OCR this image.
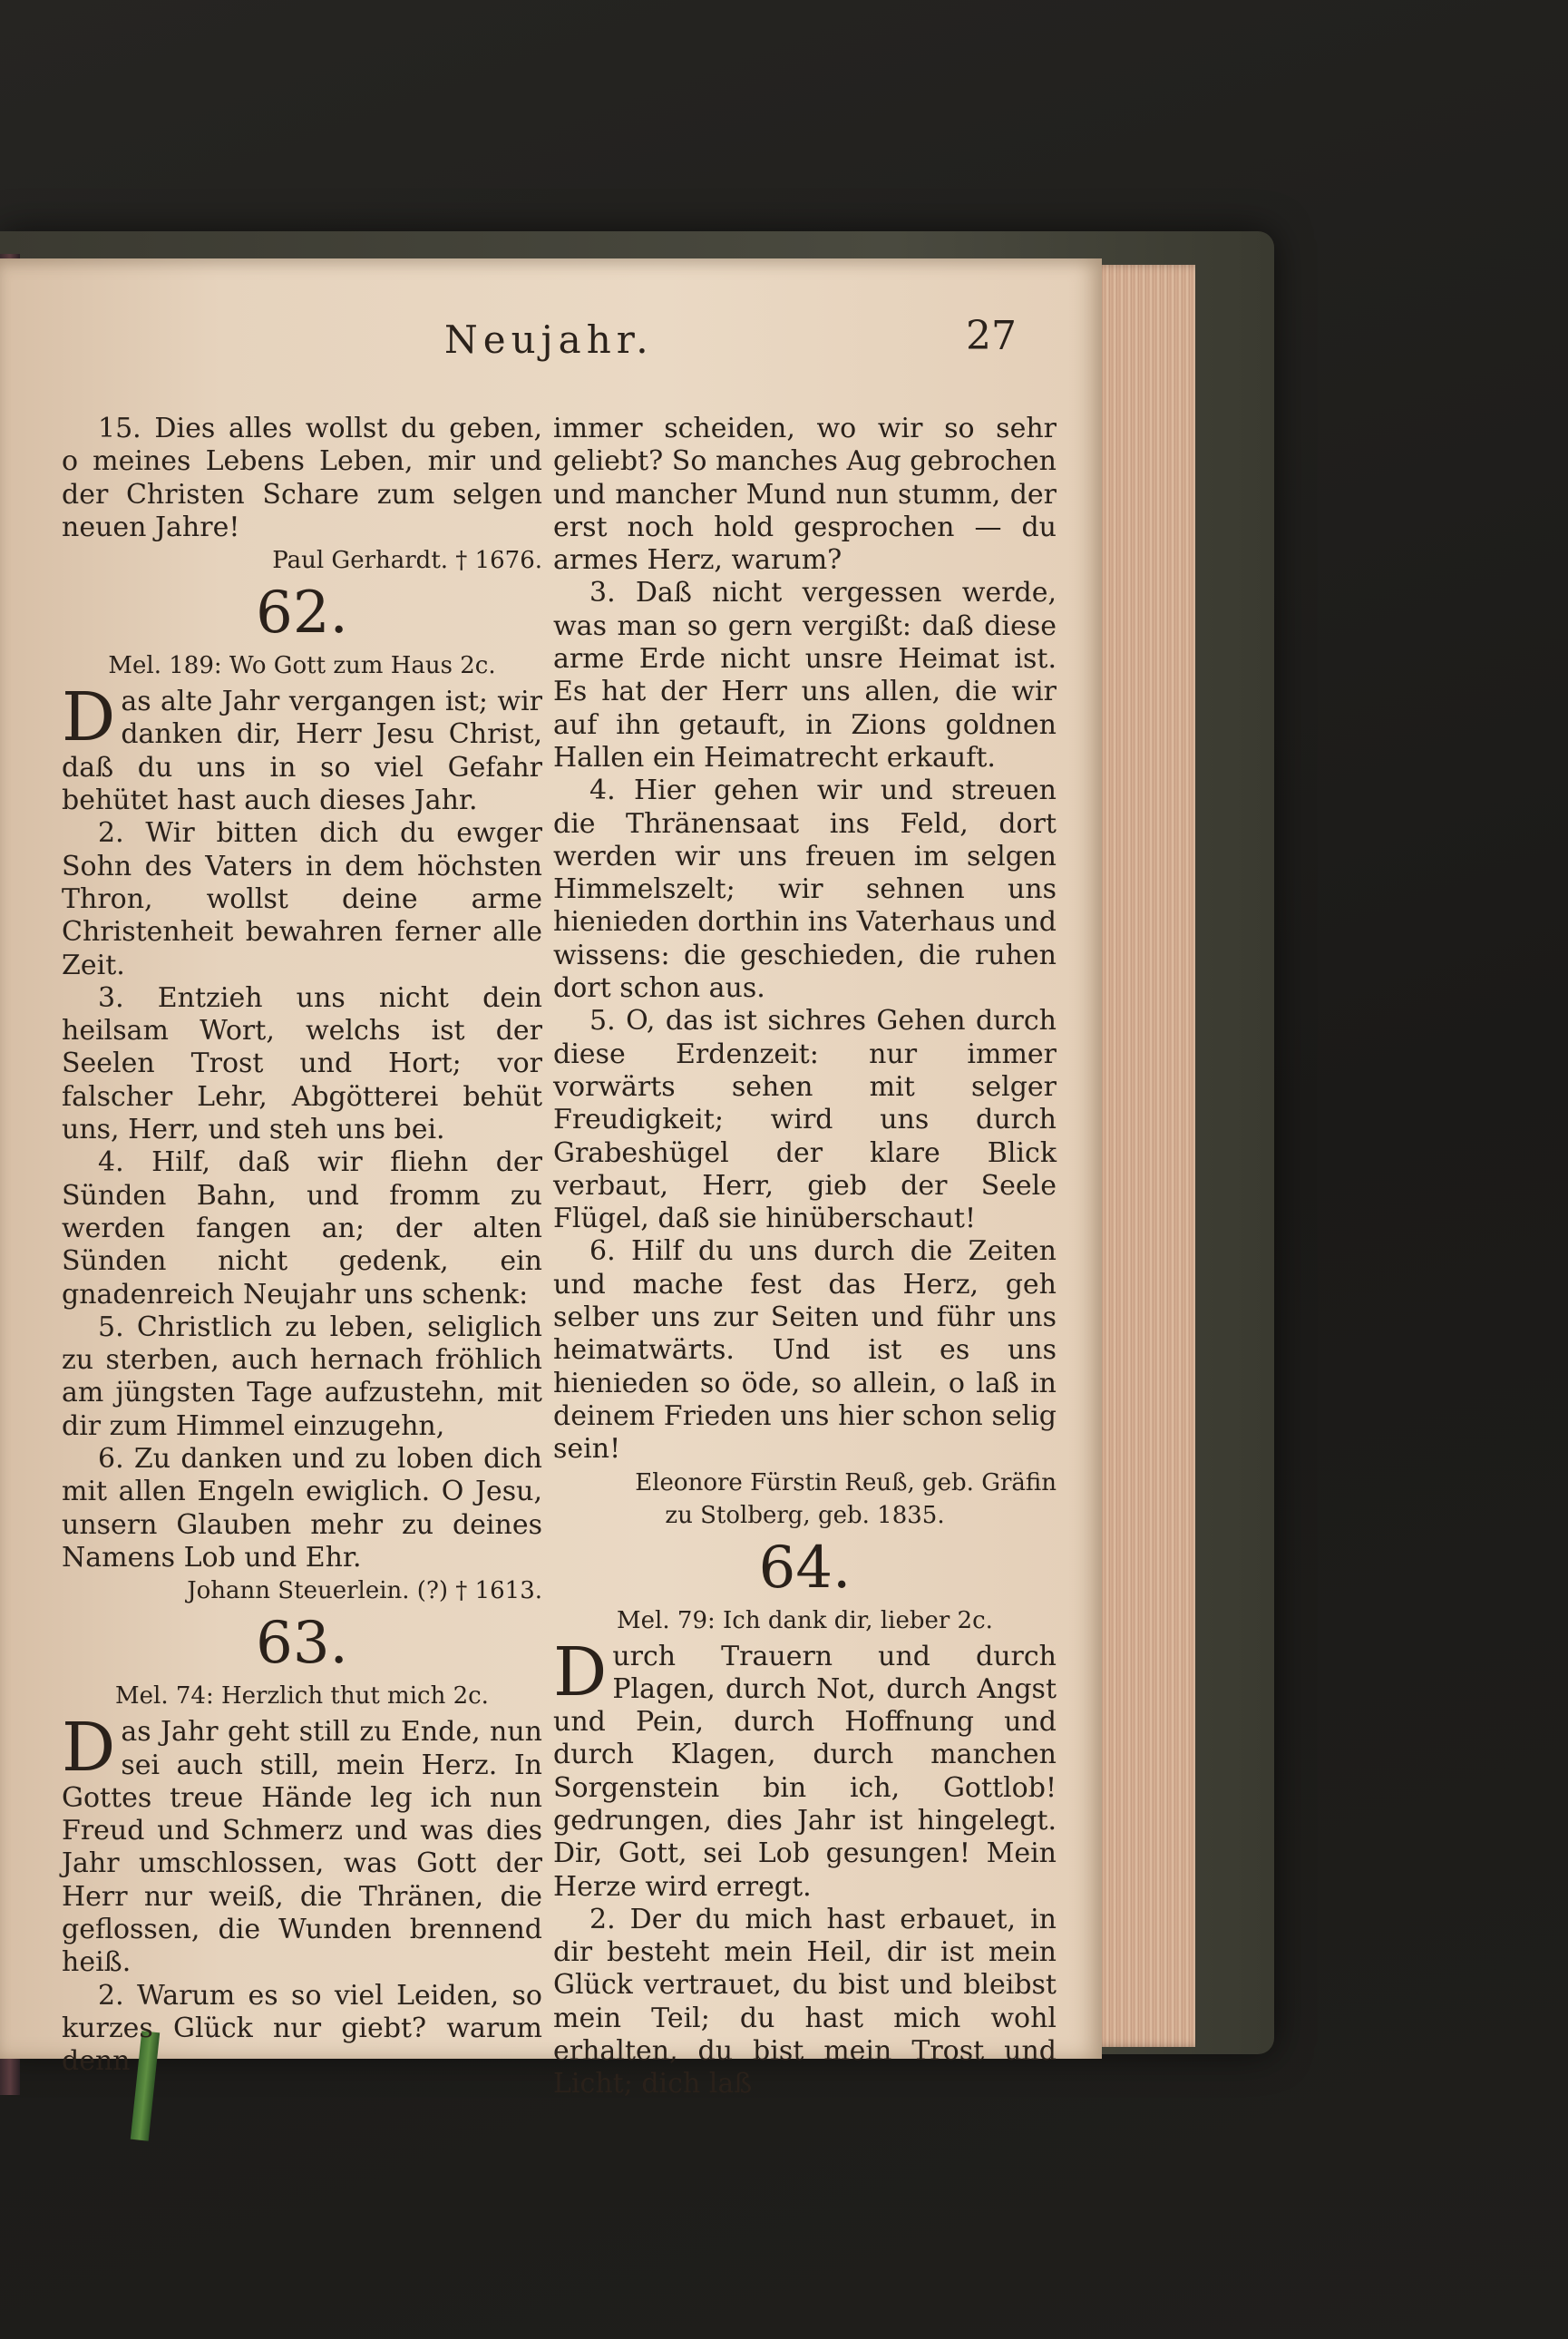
Neujahr.	27

15. Dies alles wollst du geben, o meines Lebens Leben, mir und der Christen Schare zum selgen neuen Jahre!

Paul Gerhardt. † 1676.

62.

Mel. 189: Wo Gott zum Haus 2c.

Das alte Jahr vergangen ist; wir danken dir, Herr Jesu Christ, daß du uns in so viel Gefahr behütet hast auch dieses Jahr.

2. Wir bitten dich du ewger Sohn des Vaters in dem höchsten Thron, wollst deine arme Christenheit bewahren ferner alle Zeit.

3. Entzieh uns nicht dein heilsam Wort, welchs ist der Seelen Trost und Hort; vor falscher Lehr, Abgötterei behüt uns, Herr, und steh uns bei.

4. Hilf, daß wir fliehn der Sünden Bahn, und fromm zu werden fangen an; der alten Sünden nicht gedenk, ein gnadenreich Neujahr uns schenk:

5. Christlich zu leben, seliglich zu sterben, auch hernach fröhlich am jüngsten Tage aufzustehn, mit dir zum Himmel einzugehn,

6. Zu danken und zu loben dich mit allen Engeln ewiglich. O Jesu, unsern Glauben mehr zu deines Namens Lob und Ehr.

Johann Steuerlein. (?) † 1613.

63.

Mel. 74: Herzlich thut mich 2c.

Das Jahr geht still zu Ende, nun sei auch still, mein Herz. In Gottes treue Hände leg ich nun Freud und Schmerz und was dies Jahr umschlossen, was Gott der Herr nur weiß, die Thränen, die geflossen, die Wunden brennend heiß.

2. Warum es so viel Leiden, so kurzes Glück nur giebt? warum denn

immer scheiden, wo wir so sehr geliebt? So manches Aug gebrochen und mancher Mund nun stumm, der erst noch hold gesprochen — du armes Herz, warum?

3. Daß nicht vergessen werde, was man so gern vergißt: daß diese arme Erde nicht unsre Heimat ist. Es hat der Herr uns allen, die wir auf ihn getauft, in Zions goldnen Hallen ein Heimatrecht erkauft.

4. Hier gehen wir und streuen die Thränensaat ins Feld, dort werden wir uns freuen im selgen Himmelszelt; wir sehnen uns hienieden dorthin ins Vaterhaus und wissens: die geschieden, die ruhen dort schon aus.

5. O, das ist sichres Gehen durch diese Erdenzeit: nur immer vorwärts sehen mit selger Freudigkeit; wird uns durch Grabeshügel der klare Blick verbaut, Herr, gieb der Seele Flügel, daß sie hinüberschaut!

6. Hilf du uns durch die Zeiten und mache fest das Herz, geh selber uns zur Seiten und führ uns heimatwärts. Und ist es uns hienieden so öde, so allein, o laß in deinem Frieden uns hier schon selig sein!

Eleonore Fürstin Reuß, geb. Gräfin

zu Stolberg, geb. 1835.

64.

Mel. 79: Ich dank dir, lieber 2c.

Durch Trauern und durch Plagen, durch Not, durch Angst und Pein, durch Hoffnung und durch Klagen, durch manchen Sorgenstein bin ich, Gottlob! gedrungen, dies Jahr ist hingelegt. Dir, Gott, sei Lob gesungen! Mein Herze wird erregt.

2. Der du mich hast erbauet, in dir besteht mein Heil, dir ist mein Glück vertrauet, du bist und bleibst mein Teil; du hast mich wohl erhalten, du bist mein Trost und Licht; dich laß
